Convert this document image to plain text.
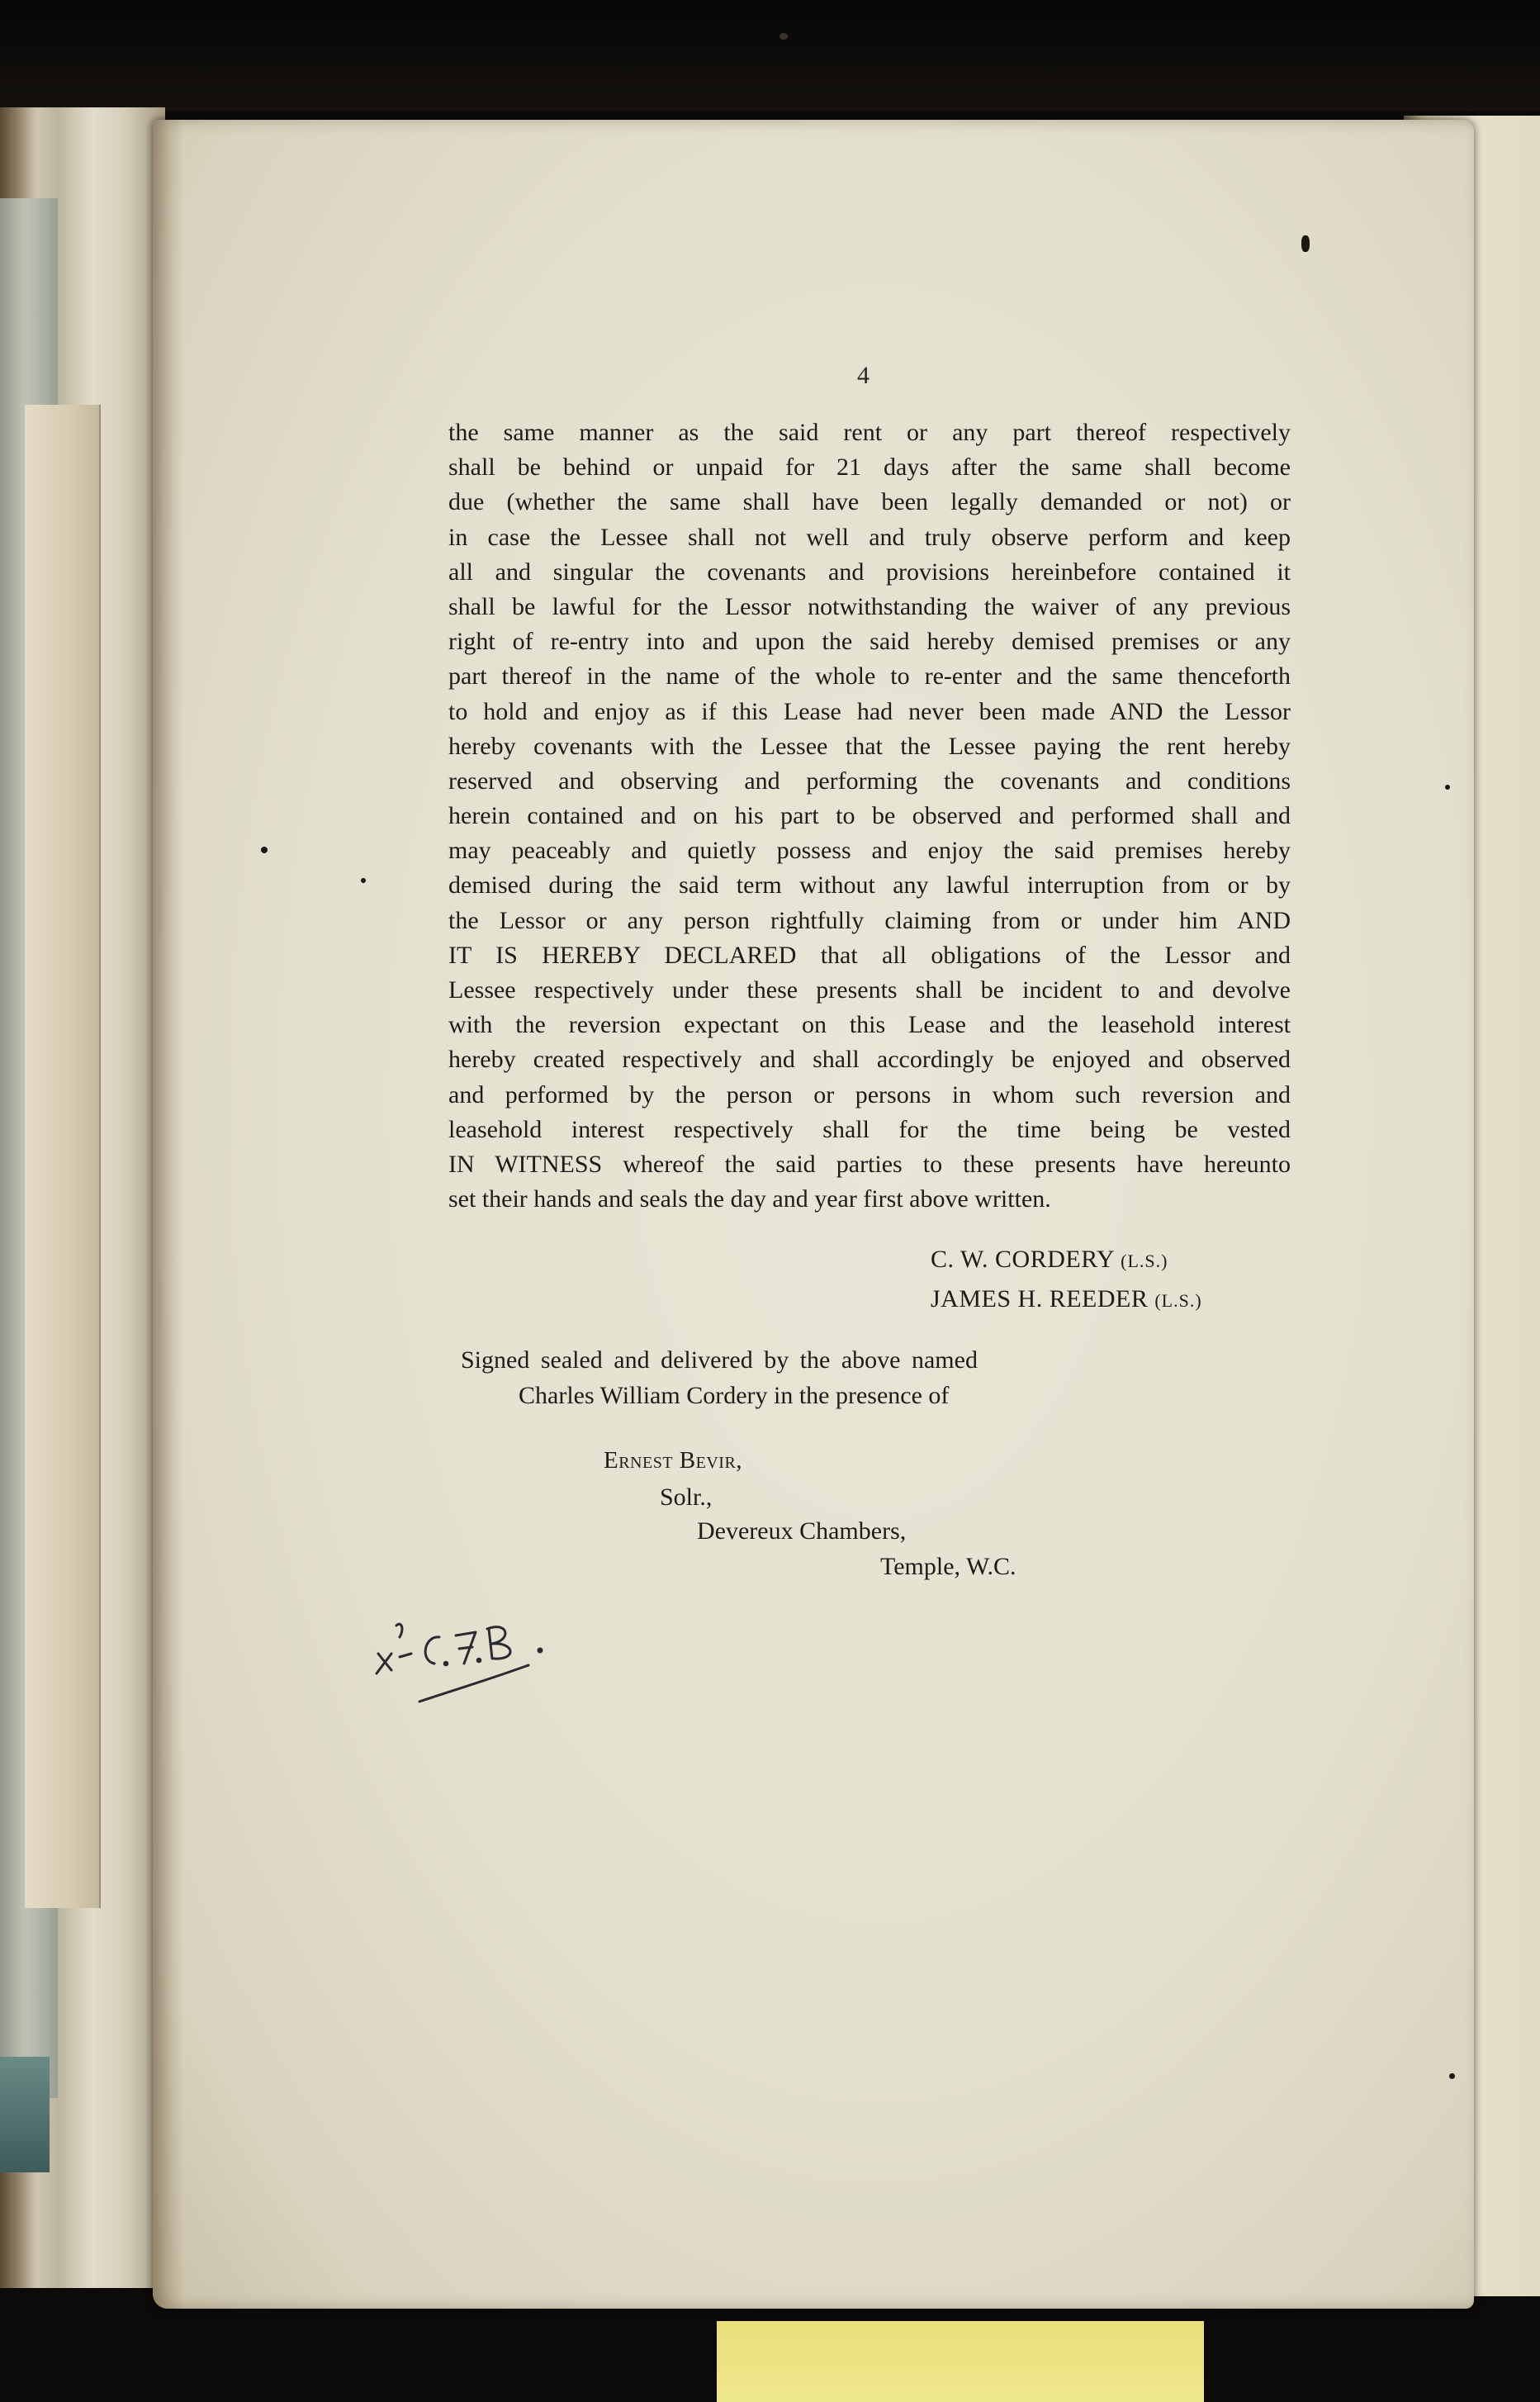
4
the same manner as the said rent or any part thereof respectively
shall be behind or unpaid for 21 days after the same shall become
due (whether the same shall have been legally demanded or not) or
in case the Lessee shall not well and truly observe perform and keep
all and singular the covenants and provisions hereinbefore contained it
shall be lawful for the Lessor notwithstanding the waiver of any previous
right of re-entry into and upon the said hereby demised premises or any
part thereof in the name of the whole to re-enter and the same thenceforth
to hold and enjoy as if this Lease had never been made AND the Lessor
hereby covenants with the Lessee that the Lessee paying the rent hereby
reserved and observing and performing the covenants and conditions
herein contained and on his part to be observed and performed shall and
may peaceably and quietly possess and enjoy the said premises hereby
demised during the said term without any lawful interruption from or by
the Lessor or any person rightfully claiming from or under him AND
IT IS HEREBY DECLARED that all obligations of the Lessor and
Lessee respectively under these presents shall be incident to and devolve
with the reversion expectant on this Lease and the leasehold interest
hereby created respectively and shall accordingly be enjoyed and observed
and performed by the person or persons in whom such reversion and
leasehold interest respectively shall for the time being be vested
IN WITNESS whereof the said parties to these presents have hereunto
set their hands and seals the day and year first above written.
C. W. CORDERY (L.S.)
JAMES H. REEDER (L.S.)
Signed sealed and delivered by the above named
Charles William Cordery in the presence of
Ernest Bevir,
Solr.,
Devereux Chambers,
Temple, W.C.
